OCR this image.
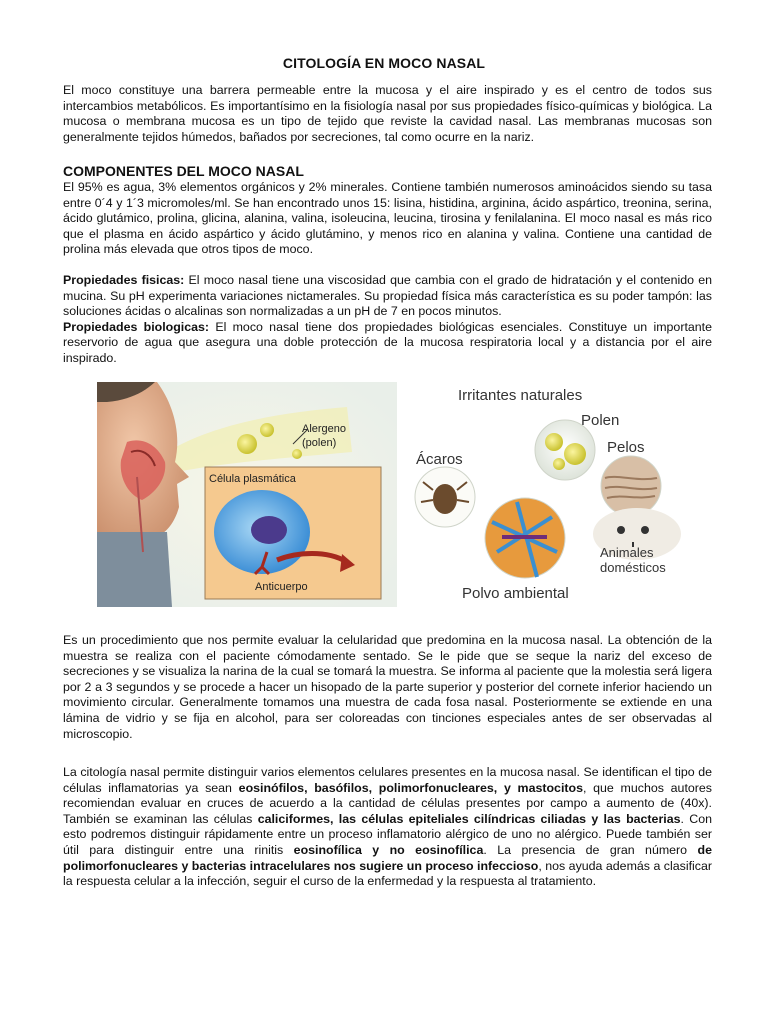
CITOLOGÍA EN MOCO NASAL

El moco constituye una barrera permeable entre la mucosa y el aire inspirado y es el centro de todos sus intercambios metabólicos. Es importantísimo en la fisiología nasal por sus propiedades físico-químicas y biológica. La mucosa o membrana mucosa es un tipo de tejido que reviste la cavidad nasal. Las membranas mucosas son generalmente tejidos húmedos, bañados por secreciones, tal como ocurre en la nariz.

COMPONENTES DEL MOCO NASAL

El 95% es agua, 3% elementos orgánicos y 2% minerales. Contiene también numerosos aminoácidos siendo su tasa entre 0´4 y 1´3 micromoles/ml. Se han encontrado unos 15: lisina, histidina, arginina, ácido aspártico, treonina, serina, ácido glutámico, prolina, glicina, alanina, valina, isoleucina, leucina, tirosina y fenilalanina. El moco nasal es más rico que el plasma en ácido aspártico y ácido glutámino, y menos rico en alanina y valina. Contiene una cantidad de prolina más elevada que otros tipos de moco.

Propiedades fisicas: El moco nasal tiene una viscosidad que cambia con el grado de hidratación y el contenido en mucina. Su pH experimenta variaciones nictamerales. Su propiedad física más característica es su poder tampón: las soluciones ácidas o alcalinas son normalizadas a un pH de 7 en pocos minutos.

Propiedades biologicas: El moco nasal tiene dos propiedades biológicas esenciales. Constituye un importante reservorio de agua que asegura una doble protección de la mucosa respiratoria local y a distancia por el aire inspirado.

Alergeno
(polen)
Célula plasmática
Anticuerpo
Irritantes naturales
Polen
Ácaros
Pelos
Polvo ambiental
Animales
domésticos

Es un procedimiento que nos permite evaluar la celularidad que predomina en la mucosa nasal. La obtención de la muestra se realiza con el paciente cómodamente sentado. Se le pide que se seque la nariz del exceso de secreciones y se visualiza la narina de la cual se tomará la muestra. Se informa al paciente que la molestia será ligera por 2 a 3 segundos y se procede a hacer un hisopado de la parte superior y posterior del cornete inferior haciendo un movimiento circular. Generalmente tomamos una muestra de cada fosa nasal. Posteriormente se extiende en una lámina de vidrio y se fija en alcohol, para ser coloreadas con tinciones especiales antes de ser observadas al microscopio.

La citología nasal permite distinguir varios elementos celulares presentes en la mucosa nasal. Se identifican el tipo de células inflamatorias ya sean eosinófilos, basófilos, polimorfonucleares, y mastocitos, que muchos autores recomiendan evaluar en cruces de acuerdo a la cantidad de células presentes por campo a aumento de (40x). También se examinan las células caliciformes, las células epiteliales cilíndricas ciliadas y las bacterias. Con esto podremos distinguir rápidamente entre un proceso inflamatorio alérgico de uno no alérgico. Puede también ser útil para distinguir entre una rinitis eosinofílica y no eosinofílica. La presencia de gran número de polimorfonucleares y bacterias intracelulares nos sugiere un proceso infeccioso, nos ayuda además a clasificar la respuesta celular a la infección, seguir el curso de la enfermedad y la respuesta al tratamiento.
